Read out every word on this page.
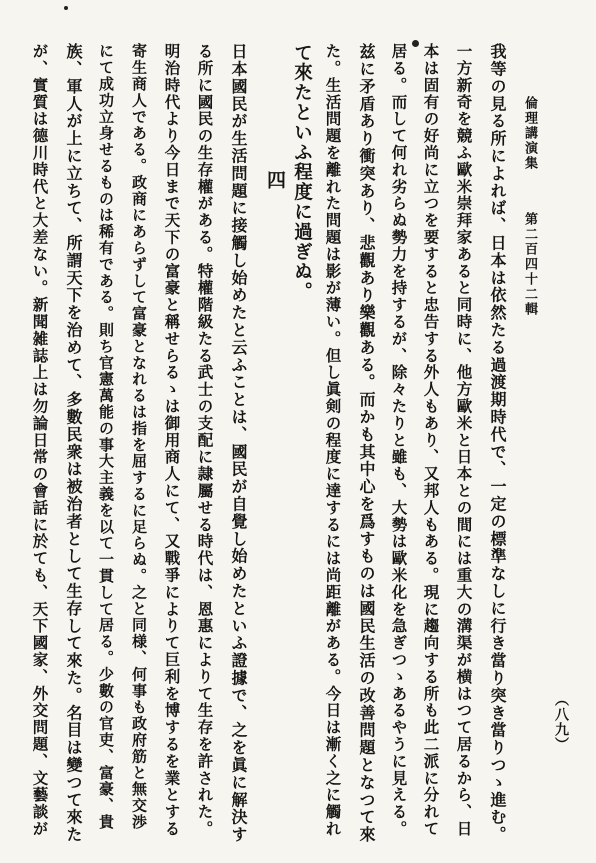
倫理講演集
第二百四十二輯
（八九）
我等の見る所によれば、日本は依然たる過渡期時代で、一定の標準なしに行き當り突き當りつゝ進む。
一方新奇を競ふ歐米崇拜家あると同時に、他方歐米と日本との間には重大の溝渠が横はつて居るから、日
本は固有の好尚に立つを要すると忠告する外人もあり、又邦人もある。現に趨向する所も此二派に分れて
居る。而して何れ劣らぬ勢力を持するが、除々たりと雖も、大勢は歐米化を急ぎつゝあるやうに見える。
兹に矛盾あり衝突あり、悲觀あり樂觀ある。而かも其中心を爲すものは國民生活の改善問題となつて來
た。生活問題を離れた問題は影が薄い。但し眞剣の程度に達するには尚距離がある。今日は漸く之に觸れ
て來たといふ程度に過ぎぬ。
四
日本國民が生活問題に接觸し始めたと云ふことは、國民が自覺し始めたといふ證據で、之を眞に解決す
る所に國民の生存權がある。特權階級たる武士の支配に隷屬せる時代は、恩惠によりて生存を許された。
明治時代より今日まで天下の富豪と稱せらるゝは御用商人にて、又戰爭によりて巨利を博するを業とする
寄生商人である。政商にあらずして富豪となれるは指を屈するに足らぬ。之と同様、何事も政府筋と無交渉
にて成功立身せるものは稀有である。則ち官憲萬能の事大主義を以て一貫して居る。少數の官吏、富豪、貴
族、軍人が上に立ちて、所謂天下を治めて、多數民衆は被治者として生存して來た。名目は變つて來た
が、實質は德川時代と大差ない。新聞雑誌上は勿論日常の會話に於ても、天下國家、外交問題、文藝談が
